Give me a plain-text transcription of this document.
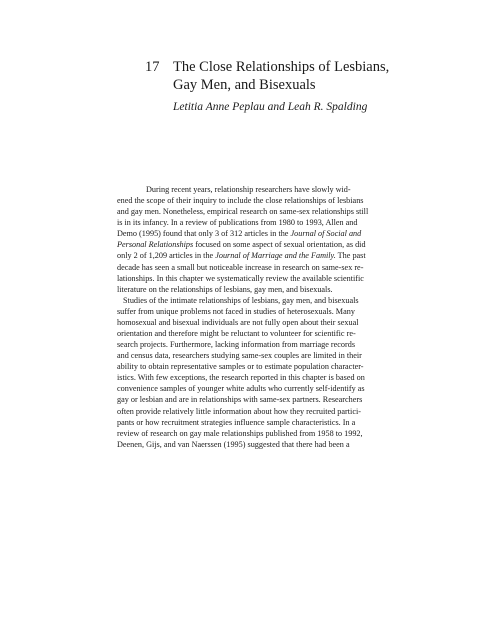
17 The Close Relationships of Lesbians,
Gay Men, and Bisexuals
Letitia Anne Peplau and Leah R. Spalding
During recent years, relationship researchers have slowly wid-
ened the scope of their inquiry to include the close relationships of lesbians
and gay men. Nonetheless, empirical research on same-sex relationships still
is in its infancy. In a review of publications from 1980 to 1993, Allen and
Demo (1995) found that only 3 of 312 articles in the Journal of Social and
Personal Relationships focused on some aspect of sexual orientation, as did
only 2 of 1,209 articles in the Journal of Marriage and the Family. The past
decade has seen a small but noticeable increase in research on same-sex re-
lationships. In this chapter we systematically review the available scientific
literature on the relationships of lesbians, gay men, and bisexuals.
Studies of the intimate relationships of lesbians, gay men, and bisexuals
suffer from unique problems not faced in studies of heterosexuals. Many
homosexual and bisexual individuals are not fully open about their sexual
orientation and therefore might be reluctant to volunteer for scientific re-
search projects. Furthermore, lacking information from marriage records
and census data, researchers studying same-sex couples are limited in their
ability to obtain representative samples or to estimate population character-
istics. With few exceptions, the research reported in this chapter is based on
convenience samples of younger white adults who currently self-identify as
gay or lesbian and are in relationships with same-sex partners. Researchers
often provide relatively little information about how they recruited partici-
pants or how recruitment strategies influence sample characteristics. In a
review of research on gay male relationships published from 1958 to 1992,
Deenen, Gijs, and van Naerssen (1995) suggested that there had been a
